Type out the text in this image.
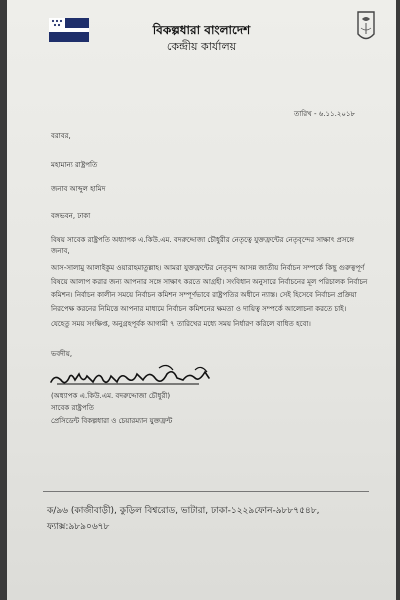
বিকল্পধারা বাংলাদেশ
কেন্দ্রীয় কার্যালয়
তারিখ - ৬.১১.২০১৮
বরাবর,
মহামান্য রাষ্ট্রপতি
জনাব আব্দুল হামিদ
বঙ্গভবন, ঢাকা
বিষয় সাবেক রাষ্ট্রপতি অধ্যাপক এ.কিউ.এম. বদরুদ্দোজা চৌধুরীর নেতৃত্বে যুক্তফ্রন্টের নেতৃবৃন্দের সাক্ষাৎ প্রসঙ্গে
জনাব,
আস-সালামু আলাইকুম ওয়ারাহমাতুল্লাহ। আমরা যুক্তফ্রন্টের নেতৃবৃন্দ আসন্ন জাতীয় নির্বাচন সম্পর্কে কিছু গুরুত্বপূর্ণ বিষয়ে আলাপ করার জন্য আপনার সঙ্গে সাক্ষাৎ করতে আগ্রহী। সংবিধান অনুসারে নির্বাচনের মূল পরিচালক নির্বাচন কমিশন। নির্বাচন কালীন সময়ে নির্বাচন কমিশন সম্পূর্ণভাবে রাষ্ট্রপতির অধীনে ন্যাস্ত। সেই হিসেবে নির্বাচন প্রক্রিয়া নিরপেক্ষ করনের নিমিত্তে আপনার মাধ্যমে নির্বাচন কমিশনের ক্ষমতা ও দায়িত্ব সম্পর্কে আলোচনা করতে চাই।
যেহেতু সময় সংক্ষিপ্ত, অনুগ্রহপূর্বক আগামী ৭ তারিখের মধ্যে সময় নির্ধারণ করিলে বাধিত হবো।
ভবদীয়,
(অধ্যাপক এ.কিউ.এম. বদরুদ্দোজা চৌধুরী)
সাবেক রাষ্ট্রপতি
প্রেসিডেন্ট বিকল্পধারা ও চেয়ারম্যান যুক্তফ্রন্ট
ক/৯৬ (কাজীবাড়ী), কুড়িল বিশ্বরোড, ভাটারা, ঢাকা-১২২৯ফোন-৯৮৮৭৫৪৮,
ফ্যাক্স:৯৮৯০৬৭৮
